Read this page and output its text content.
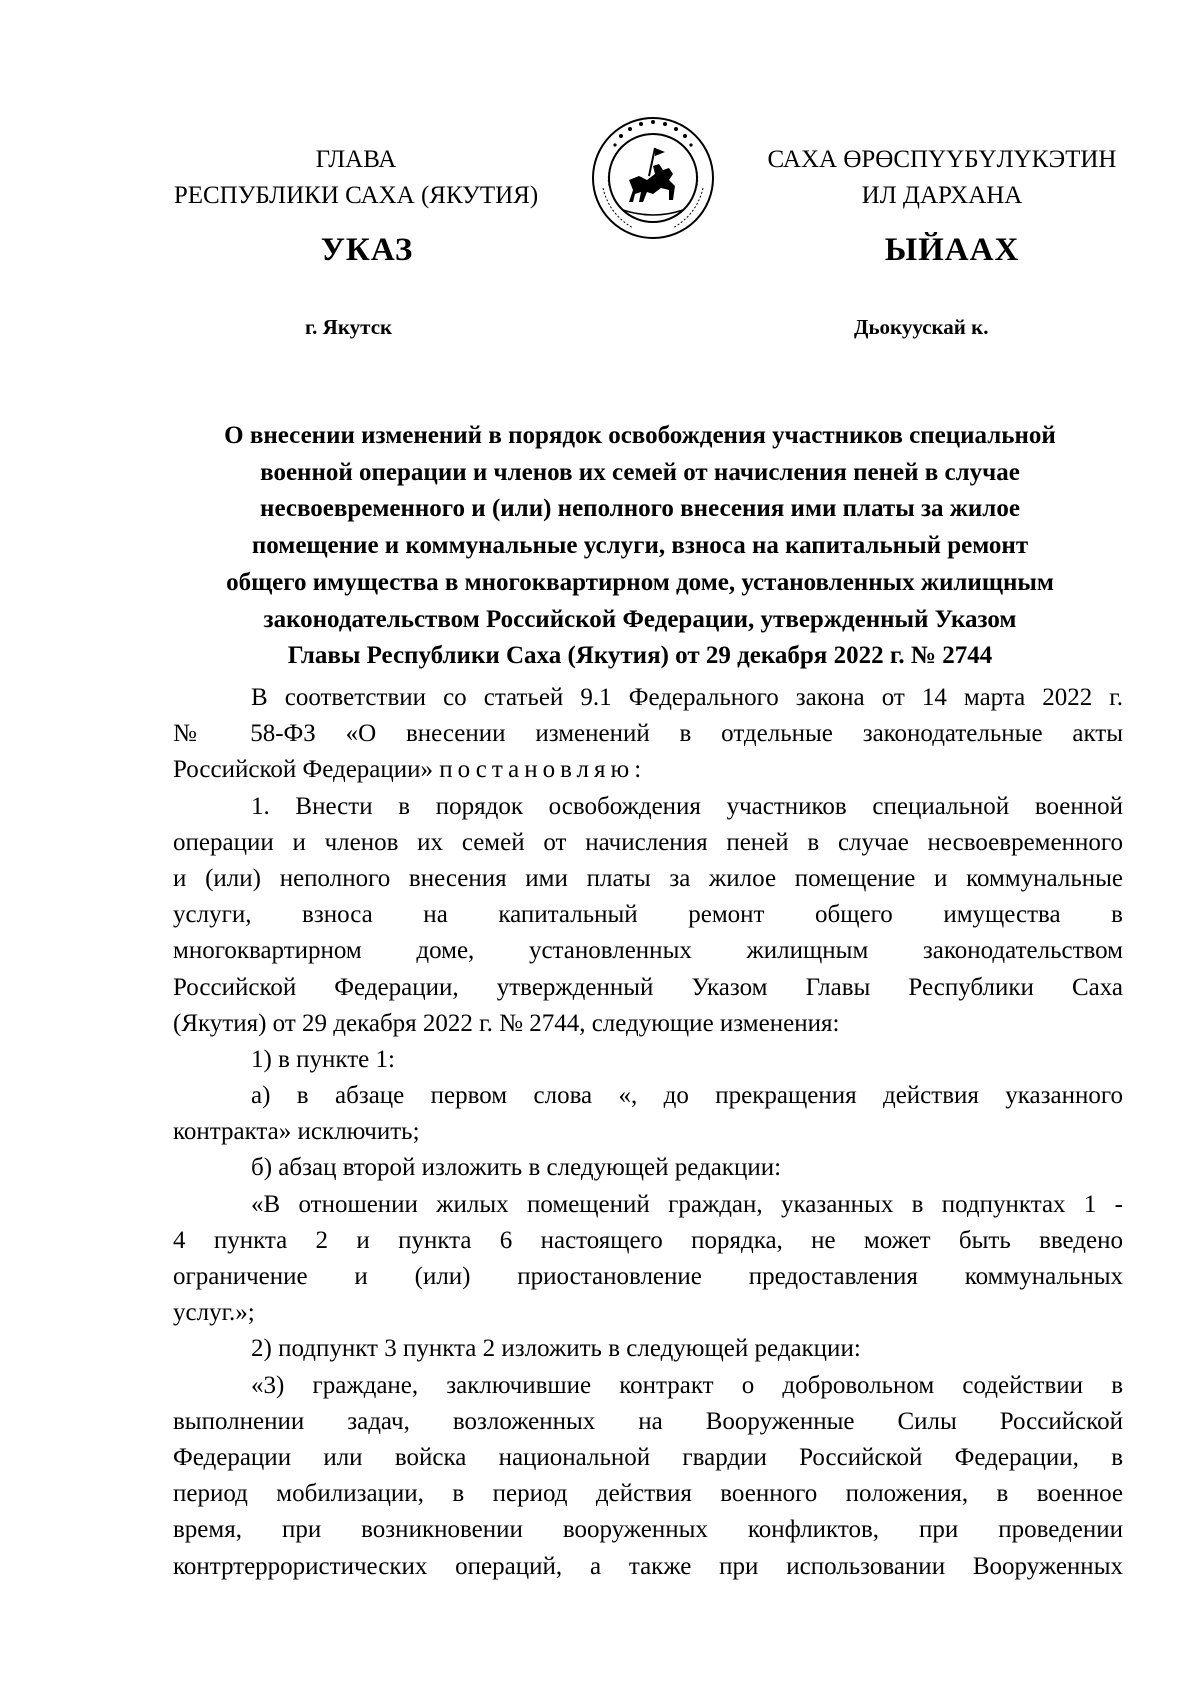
ГЛАВА
РЕСПУБЛИКИ САХА (ЯКУТИЯ)
САХА ӨРӨСПҮҮБҮЛҮКЭТИН
ИЛ ДАРХАНА
УКАЗ	ЫЙААХ
г. Якутск	Дьокуускай к.
О внесении изменений в порядок освобождения участников специальной
военной операции и членов их семей от начисления пеней в случае
несвоевременного и (или) неполного внесения ими платы за жилое
помещение и коммунальные услуги, взноса на капитальный ремонт
общего имущества в многоквартирном доме, установленных жилищным
законодательством Российской Федерации, утвержденный Указом
Главы Республики Саха (Якутия) от 29 декабря 2022 г. № 2744
В соответствии со статьей 9.1 Федерального закона от 14 марта 2022 г.
№ 58-ФЗ «О внесении изменений в отдельные законодательные акты
Российской Федерации» постановляю:
1. Внести в порядок освобождения участников специальной военной
операции и членов их семей от начисления пеней в случае несвоевременного
и (или) неполного внесения ими платы за жилое помещение и коммунальные
услуги, взноса на капитальный ремонт общего имущества в
многоквартирном доме, установленных жилищным законодательством
Российской Федерации, утвержденный Указом Главы Республики Саха
(Якутия) от 29 декабря 2022 г. № 2744, следующие изменения:
1) в пункте 1:
а) в абзаце первом слова «, до прекращения действия указанного
контракта» исключить;
б) абзац второй изложить в следующей редакции:
«В отношении жилых помещений граждан, указанных в подпунктах 1 -
4 пункта 2 и пункта 6 настоящего порядка, не может быть введено
ограничение и (или) приостановление предоставления коммунальных
услуг.»;
2) подпункт 3 пункта 2 изложить в следующей редакции:
«3) граждане, заключившие контракт о добровольном содействии в
выполнении задач, возложенных на Вооруженные Силы Российской
Федерации или войска национальной гвардии Российской Федерации, в
период мобилизации, в период действия военного положения, в военное
время, при возникновении вооруженных конфликтов, при проведении
контртеррористических операций, а также при использовании Вооруженных
